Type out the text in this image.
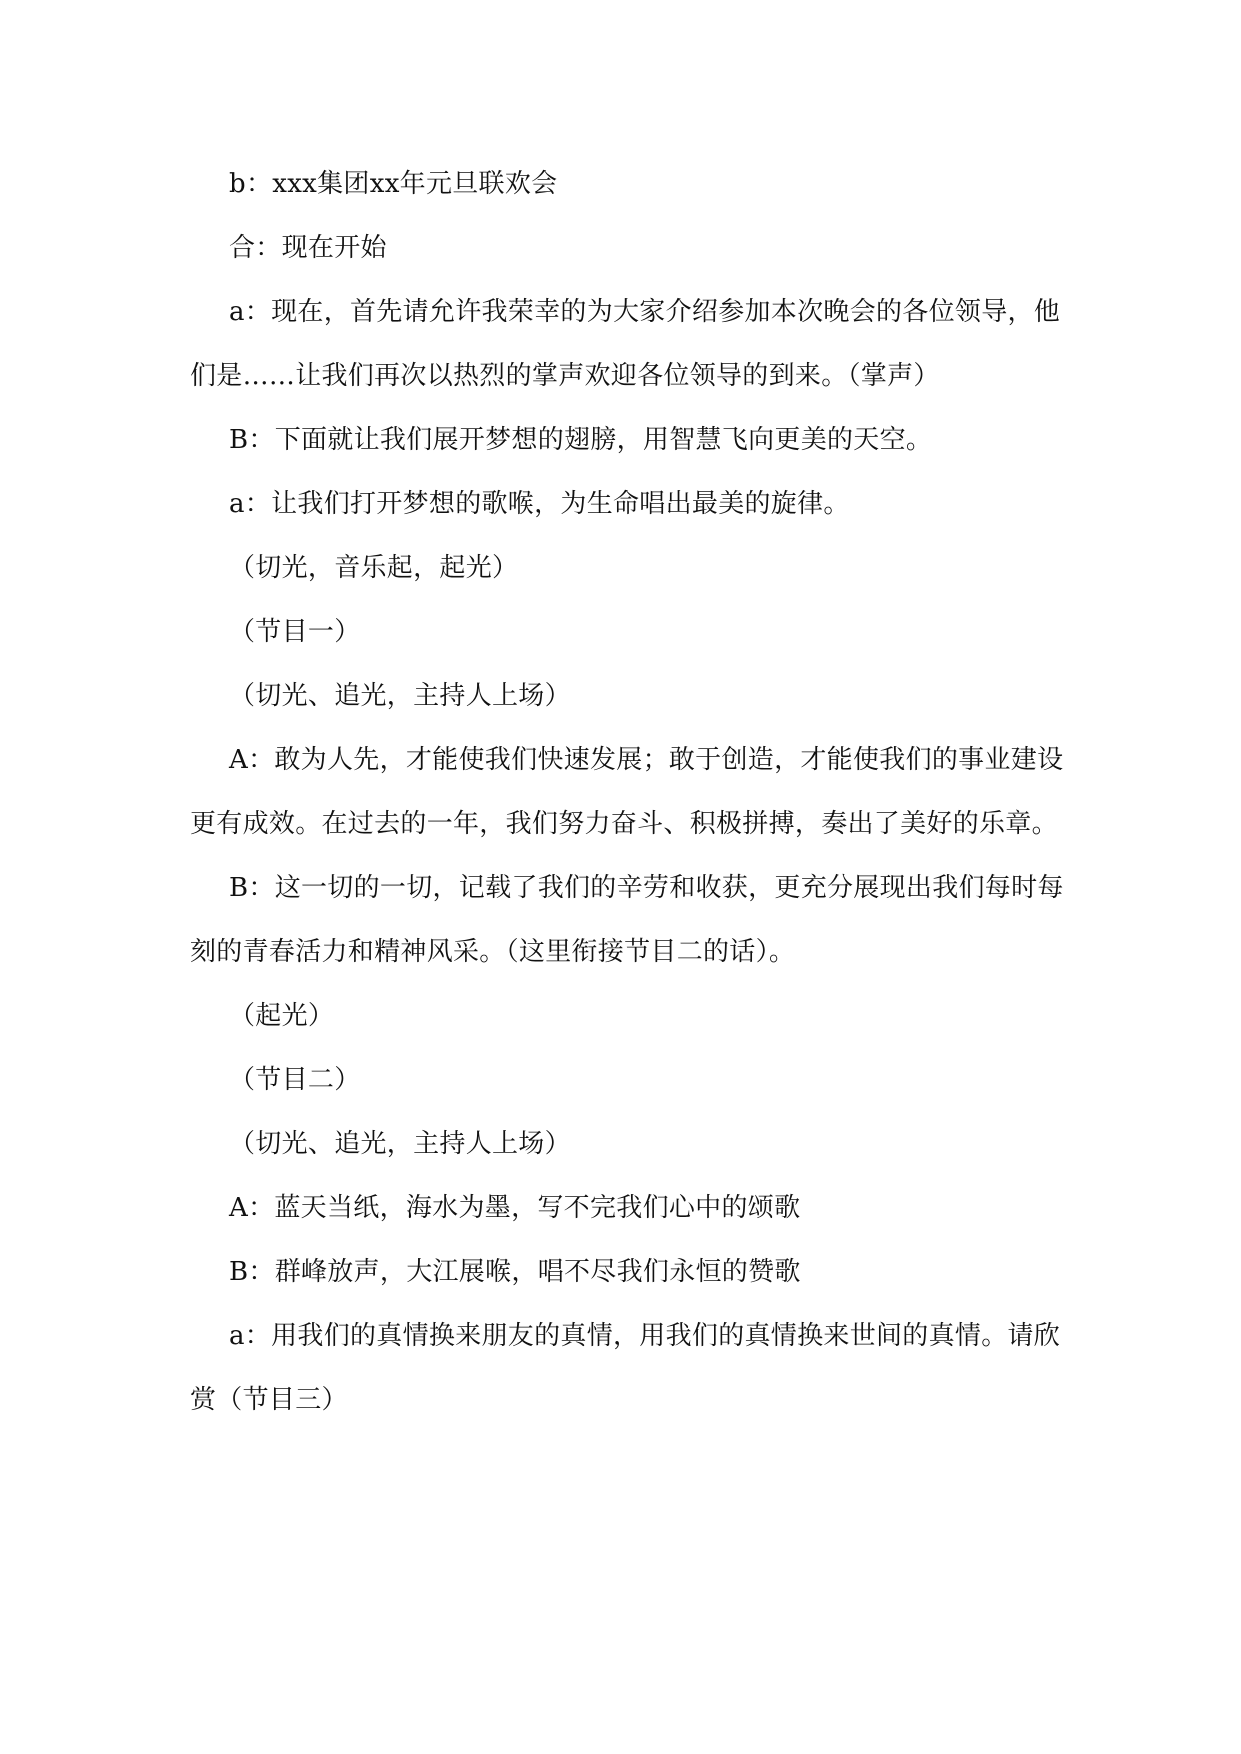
b：xxx集团xx年元旦联欢会

合：现在开始

a：现在，首先请允许我荣幸的为大家介绍参加本次晚会的各位领导，他们是……让我们再次以热烈的掌声欢迎各位领导的到来。（掌声）

B：下面就让我们展开梦想的翅膀，用智慧飞向更美的天空。

a：让我们打开梦想的歌喉，为生命唱出最美的旋律。

（切光，音乐起，起光）

（节目一）

（切光、追光，主持人上场）

A：敢为人先，才能使我们快速发展；敢于创造，才能使我们的事业建设更有成效。在过去的一年，我们努力奋斗、积极拼搏，奏出了美好的乐章。

B：这一切的一切，记载了我们的辛劳和收获，更充分展现出我们每时每刻的青春活力和精神风采。（这里衔接节目二的话）。

（起光）

（节目二）

（切光、追光，主持人上场）

A：蓝天当纸，海水为墨，写不完我们心中的颂歌

B：群峰放声，大江展喉，唱不尽我们永恒的赞歌

a：用我们的真情换来朋友的真情，用我们的真情换来世间的真情。请欣赏（节目三）
